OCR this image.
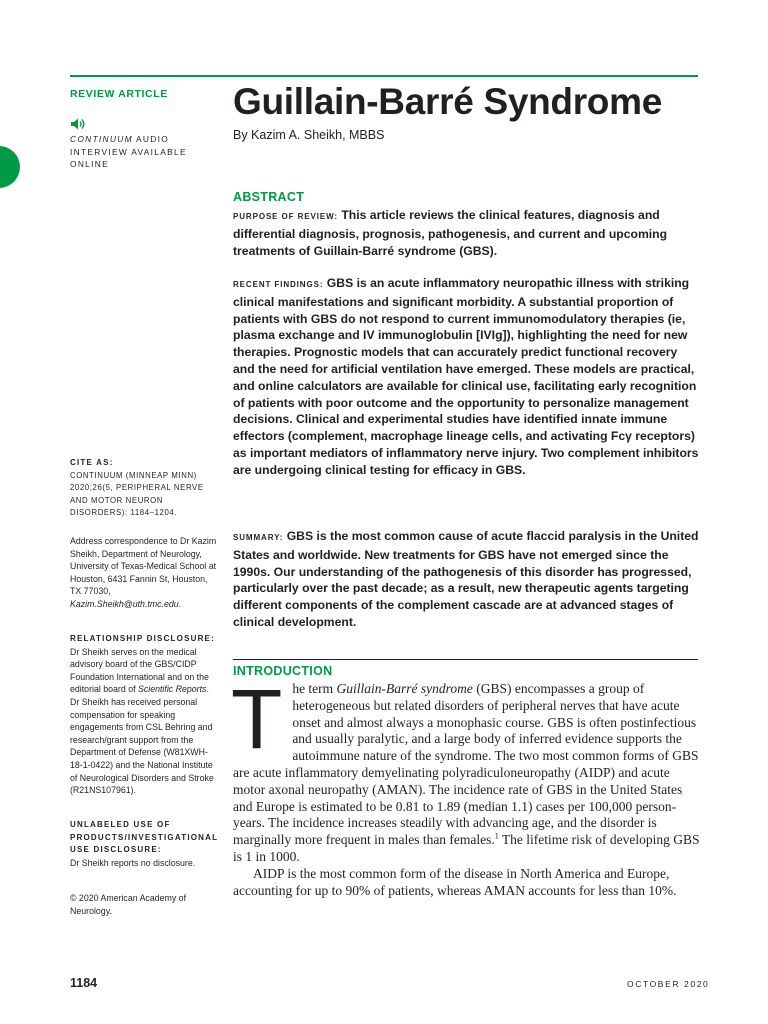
REVIEW ARTICLE
CONTINUUM AUDIO INTERVIEW AVAILABLE ONLINE
Guillain-Barré Syndrome
By Kazim A. Sheikh, MBBS
ABSTRACT
PURPOSE OF REVIEW: This article reviews the clinical features, diagnosis and differential diagnosis, prognosis, pathogenesis, and current and upcoming treatments of Guillain-Barré syndrome (GBS).
RECENT FINDINGS: GBS is an acute inflammatory neuropathic illness with striking clinical manifestations and significant morbidity. A substantial proportion of patients with GBS do not respond to current immunomodulatory therapies (ie, plasma exchange and IV immunoglobulin [IVIg]), highlighting the need for new therapies. Prognostic models that can accurately predict functional recovery and the need for artificial ventilation have emerged. These models are practical, and online calculators are available for clinical use, facilitating early recognition of patients with poor outcome and the opportunity to personalize management decisions. Clinical and experimental studies have identified innate immune effectors (complement, macrophage lineage cells, and activating Fcγ receptors) as important mediators of inflammatory nerve injury. Two complement inhibitors are undergoing clinical testing for efficacy in GBS.
SUMMARY: GBS is the most common cause of acute flaccid paralysis in the United States and worldwide. New treatments for GBS have not emerged since the 1990s. Our understanding of the pathogenesis of this disorder has progressed, particularly over the past decade; as a result, new therapeutic agents targeting different components of the complement cascade are at advanced stages of clinical development.
INTRODUCTION

The term Guillain-Barré syndrome (GBS) encompasses a group of heterogeneous but related disorders of peripheral nerves that have acute onset and almost always a monophasic course. GBS is often postinfectious and usually paralytic, and a large body of inferred evidence supports the autoimmune nature of the syndrome. The two most common forms of GBS are acute inflammatory demyelinating polyradiculoneuropathy (AIDP) and acute motor axonal neuropathy (AMAN). The incidence rate of GBS in the United States and Europe is estimated to be 0.81 to 1.89 (median 1.1) cases per 100,000 person-years. The incidence increases steadily with advancing age, and the disorder is marginally more frequent in males than females.$^1$ The lifetime risk of developing GBS is 1 in 1000.

AIDP is the most common form of the disease in North America and Europe, accounting for up to 90% of patients, whereas AMAN accounts for less than 10%.

CITE AS:
CONTINUUM (MINNEAP MINN) 2020;26(5, PERIPHERAL NERVE AND MOTOR NEURON DISORDERS): 1184–1204.
Address correspondence to Dr Kazim Sheikh, Department of Neurology, University of Texas-Medical School at Houston, 6431 Fannin St, Houston, TX 77030, Kazim.Sheikh@uth.tmc.edu.
RELATIONSHIP DISCLOSURE:
Dr Sheikh serves on the medical advisory board of the GBS/CIDP Foundation International and on the editorial board of Scientific Reports. Dr Sheikh has received personal compensation for speaking engagements from CSL Behring and research/grant support from the Department of Defense (W81XWH-18-1-0422) and the National Institute of Neurological Disorders and Stroke (R21NS107961).
UNLABELED USE OF PRODUCTS/INVESTIGATIONAL USE DISCLOSURE:
Dr Sheikh reports no disclosure.
© 2020 American Academy of Neurology.
1184	OCTOBER 2020
